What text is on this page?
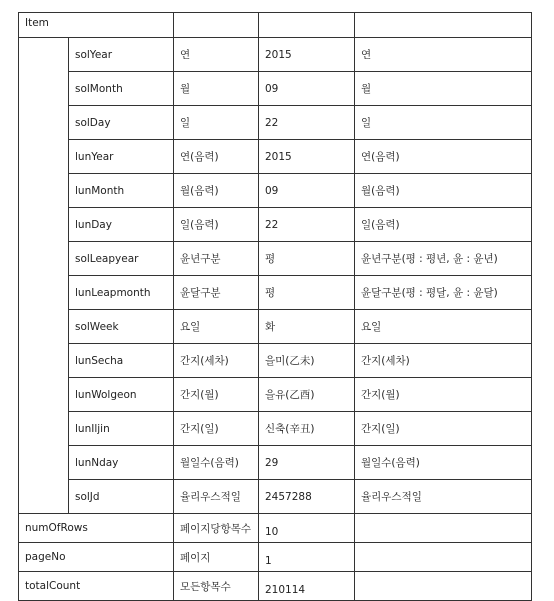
Item				
	solYear	연	2015	연
	solMonth	월	09	월
	solDay	일	22	일
	lunYear	연(음력)	2015	연(음력)
	lunMonth	월(음력)	09	월(음력)
	lunDay	일(음력)	22	일(음력)
	solLeapyear	윤년구분	평	윤년구분(평 : 평년, 윤 : 윤년)
	lunLeapmonth	윤달구분	평	윤달구분(평 : 평달, 윤 : 윤달)
	solWeek	요일	화	요일
	lunSecha	간지(세차)	을미(乙未)	간지(세차)
	lunWolgeon	간지(월)	을유(乙酉)	간지(월)
	lunIljin	간지(일)	신축(辛丑)	간지(일)
	lunNday	월일수(음력)	29	월일수(음력)
	solJd	율리우스적일	2457288	율리우스적일
numOfRows		페이지당항목수	10	
pageNo		페이지	1	
totalCount		모든항목수	210114	
